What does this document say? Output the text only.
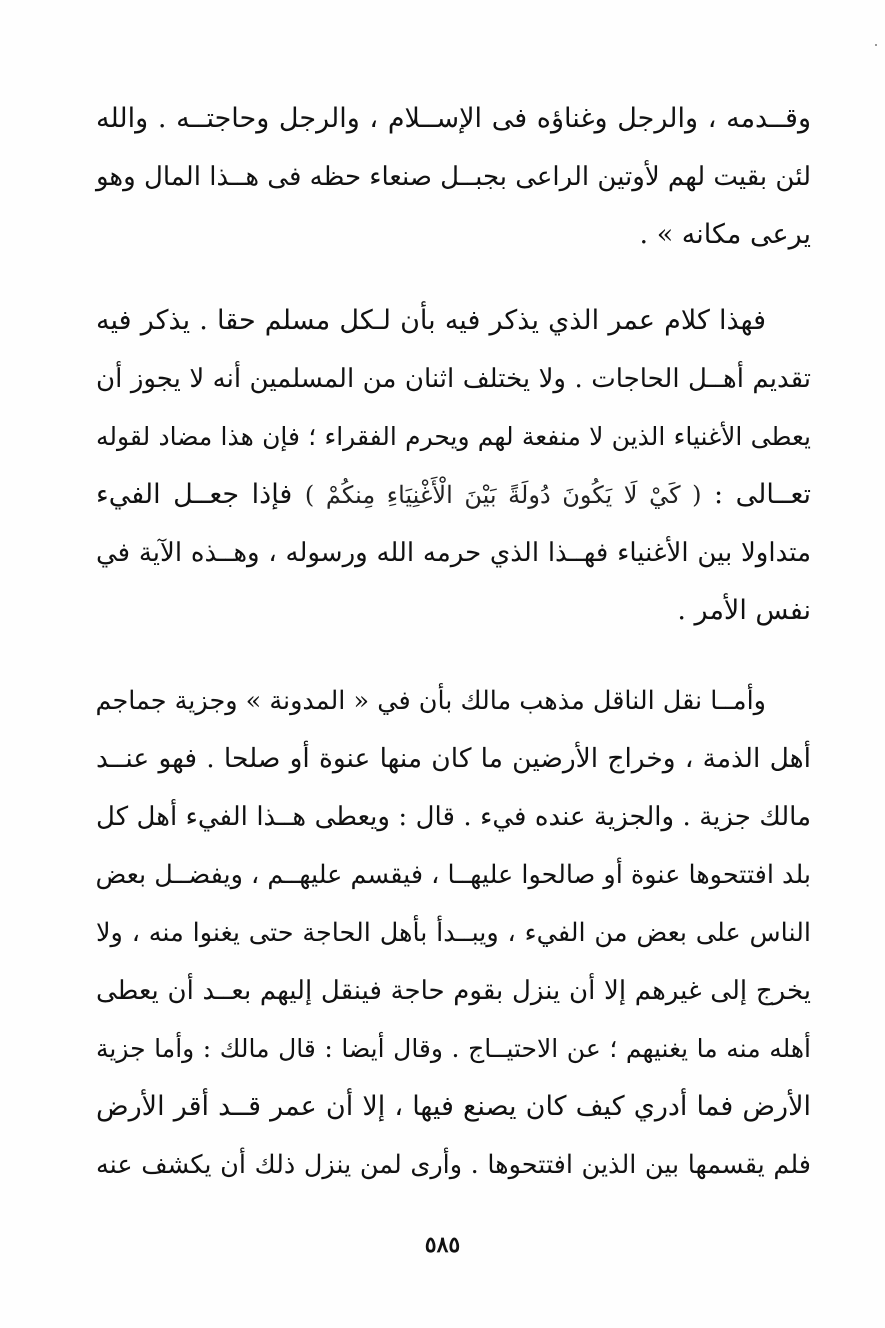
وقــدمه ، والرجل وغناؤه فى الإســلام ، والرجل وحاجتــه . والله
لئن بقيت لهم لأوتين الراعى بجبــل صنعاء حظه فى هــذا المال وهو
يرعى مكانه » .
فهذا كلام عمر الذي يذكر فيه بأن لـكل مسلم حقا . يذكر فيه
تقديم أهــل الحاجات . ولا يختلف اثنان من المسلمين أنه لا يجوز أن
يعطى الأغنياء الذين لا منفعة لهم ويحرم الفقراء ؛ فإن هذا مضاد لقوله
تعــالى : ( كَيْ لَا يَكُونَ دُولَةً بَيْنَ الْأَغْنِيَاءِ مِنكُمْ ) فإذا جعــل الفيء
متداولا بين الأغنياء فهــذا الذي حرمه الله ورسوله ، وهــذه الآية في
نفس الأمر .
وأمــا نقل الناقل مذهب مالك بأن في « المدونة » وجزية جماجم
أهل الذمة ، وخراج الأرضين ما كان منها عنوة أو صلحا . فهو عنــد
مالك جزية . والجزية عنده فيء . قال : ويعطى هــذا الفيء أهل كل
بلد افتتحوها عنوة أو صالحوا عليهــا ، فيقسم عليهــم ، ويفضــل بعض
الناس على بعض من الفيء ، ويبــدأ بأهل الحاجة حتى يغنوا منه ، ولا
يخرج إلى غيرهم إلا أن ينزل بقوم حاجة فينقل إليهم بعــد أن يعطى
أهله منه ما يغنيهم ؛ عن الاحتيــاج . وقال أيضا : قال مالك : وأما جزية
الأرض فما أدري كيف كان يصنع فيها ، إلا أن عمر قــد أقر الأرض
فلم يقسمها بين الذين افتتحوها . وأرى لمن ينزل ذلك أن يكشف عنه
٥٨٥
